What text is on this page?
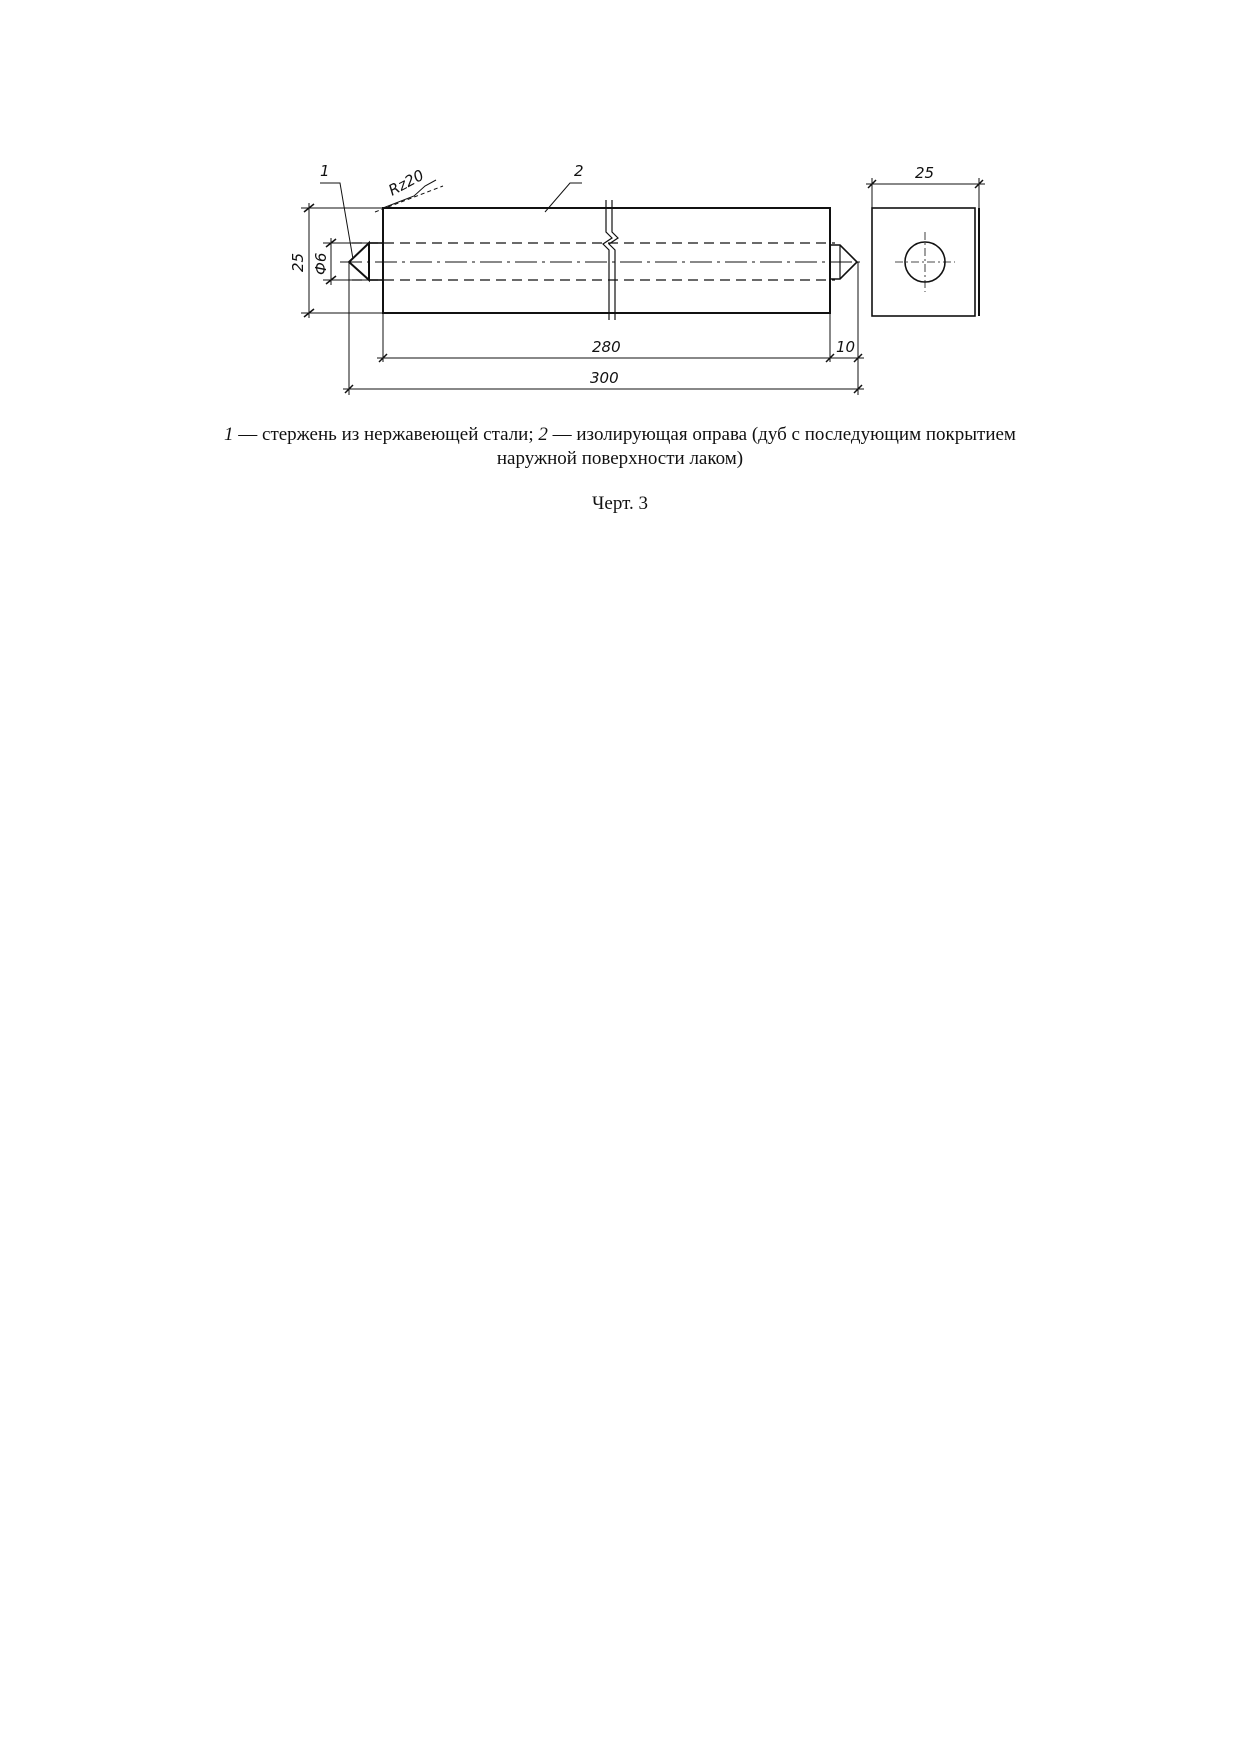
1	2
Rz20
25 Ф6
280	10
300
25
1 — стержень из нержавеющей стали; 2 — изолирующая оправа (дуб с последующим покрытием наружной поверхности лаком)
Черт. 3
